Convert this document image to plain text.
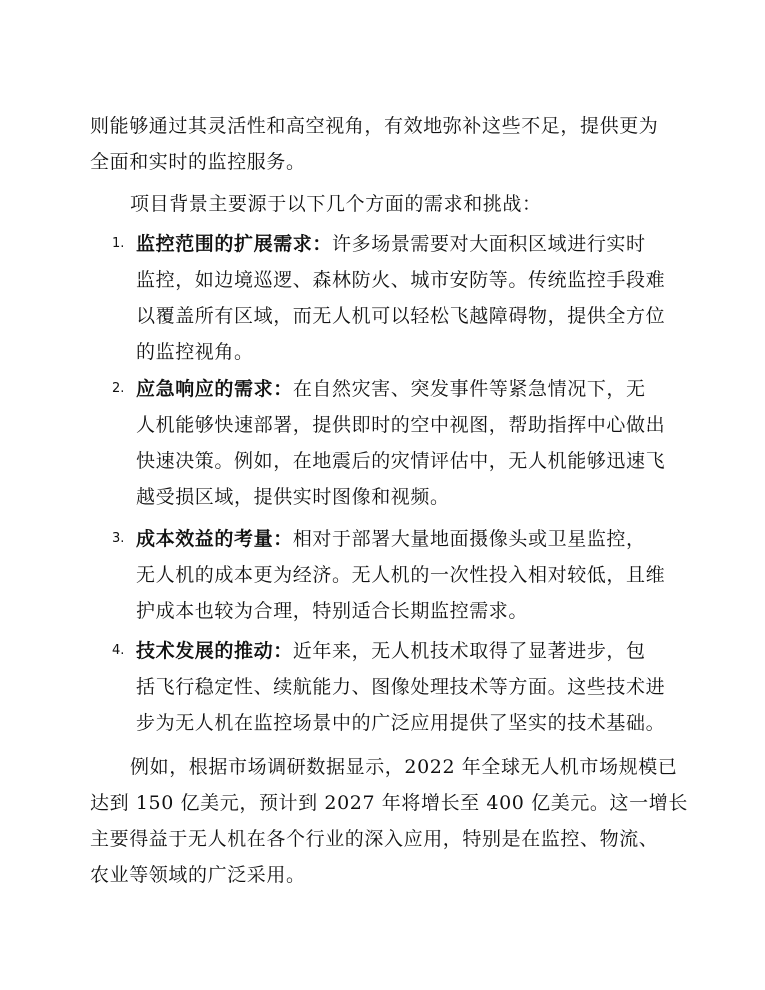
则能够通过其灵活性和高空视角，有效地弥补这些不足，提供更为
全面和实时的监控服务。
项目背景主要源于以下几个方面的需求和挑战：
1. 监控范围的扩展需求：许多场景需要对大面积区域进行实时
监控，如边境巡逻、森林防火、城市安防等。传统监控手段难
以覆盖所有区域，而无人机可以轻松飞越障碍物，提供全方位
的监控视角。
2. 应急响应的需求：在自然灾害、突发事件等紧急情况下，无
人机能够快速部署，提供即时的空中视图，帮助指挥中心做出
快速决策。例如，在地震后的灾情评估中，无人机能够迅速飞
越受损区域，提供实时图像和视频。
3. 成本效益的考量：相对于部署大量地面摄像头或卫星监控，
无人机的成本更为经济。无人机的一次性投入相对较低，且维
护成本也较为合理，特别适合长期监控需求。
4. 技术发展的推动：近年来，无人机技术取得了显著进步，包
括飞行稳定性、续航能力、图像处理技术等方面。这些技术进
步为无人机在监控场景中的广泛应用提供了坚实的技术基础。
例如，根据市场调研数据显示，2022 年全球无人机市场规模已
达到 150 亿美元，预计到 2027 年将增长至 400 亿美元。这一增长
主要得益于无人机在各个行业的深入应用，特别是在监控、物流、
农业等领域的广泛采用。
